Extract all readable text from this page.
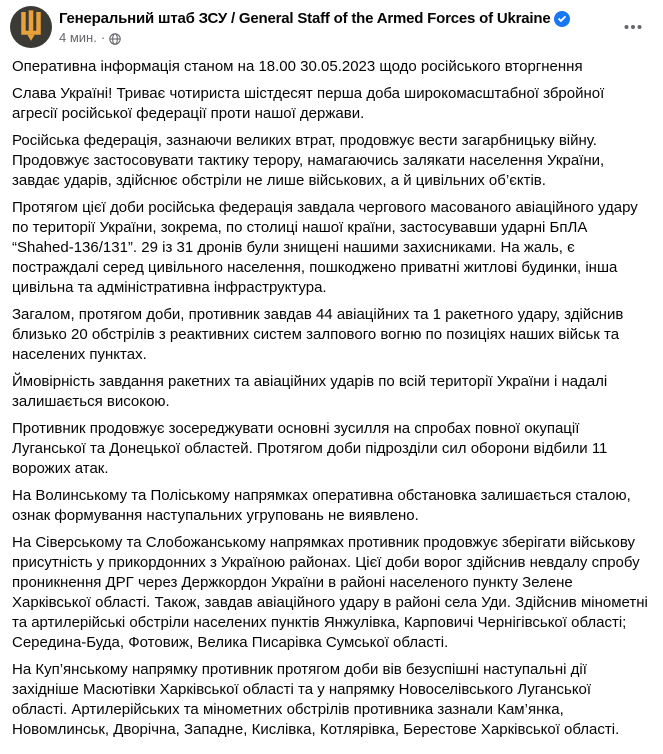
Генеральний штаб ЗСУ / General Staff of the Armed Forces of Ukraine
4 мин. ·

Оперативна інформація станом на 18.00 30.05.2023 щодо російського вторгнення

Слава Україні! Триває чотириста шістдесят перша доба широкомасштабної збройної агресії російської федерації проти нашої держави.

Російська федерація, зазнаючи великих втрат, продовжує вести загарбницьку війну. Продовжує застосовувати тактику терору, намагаючись залякати населення України, завдає ударів, здійснює обстріли не лише військових, а й цивільних об’єктів.

Протягом цієї доби російська федерація завдала чергового масованого авіаційного удару по території України, зокрема, по столиці нашої країни, застосувавши ударні БпЛА “Shahed-136/131”. 29 із 31 дронів були знищені нашими захисниками. На жаль, є постраждалі серед цивільного населення, пошкоджено приватні житлові будинки, інша цивільна та адміністративна інфраструктура.

Загалом, протягом доби, противник завдав 44 авіаційних та 1 ракетного удару, здійснив близько 20 обстрілів з реактивних систем залпового вогню по позиціях наших військ та населених пунктах.

Ймовірність завдання ракетних та авіаційних ударів по всій території України і надалі залишається високою.

Противник продовжує зосереджувати основні зусилля на спробах повної окупації Луганської та Донецької областей. Протягом доби підрозділи сил оборони відбили 11 ворожих атак.

На Волинському та Поліському напрямках оперативна обстановка залишається сталою, ознак формування наступальних угруповань не виявлено.

На Сіверському та Слобожанському напрямках противник продовжує зберігати військову присутність у прикордонних з Україною районах. Цієї доби ворог здійснив невдалу спробу проникнення ДРГ через Держкордон України в районі населеного пункту Зелене Харківської області. Також, завдав авіаційного удару в районі села Уди. Здійснив мінометні та артилерійські обстріли населених пунктів Янжулівка, Карповичі Чернігівської області; Середина-Буда, Фотовиж, Велика Писарівка Сумської області.

На Куп’янському напрямку противник протягом доби вів безуспішні наступальні дії західніше Масютівки Харківської області та у напрямку Новоселівського Луганської області. Артилерійських та мінометних обстрілів противника зазнали Кам’янка, Новомлинськ, Дворічна, Западне, Кислівка, Котлярівка, Берестове Харківської області.
